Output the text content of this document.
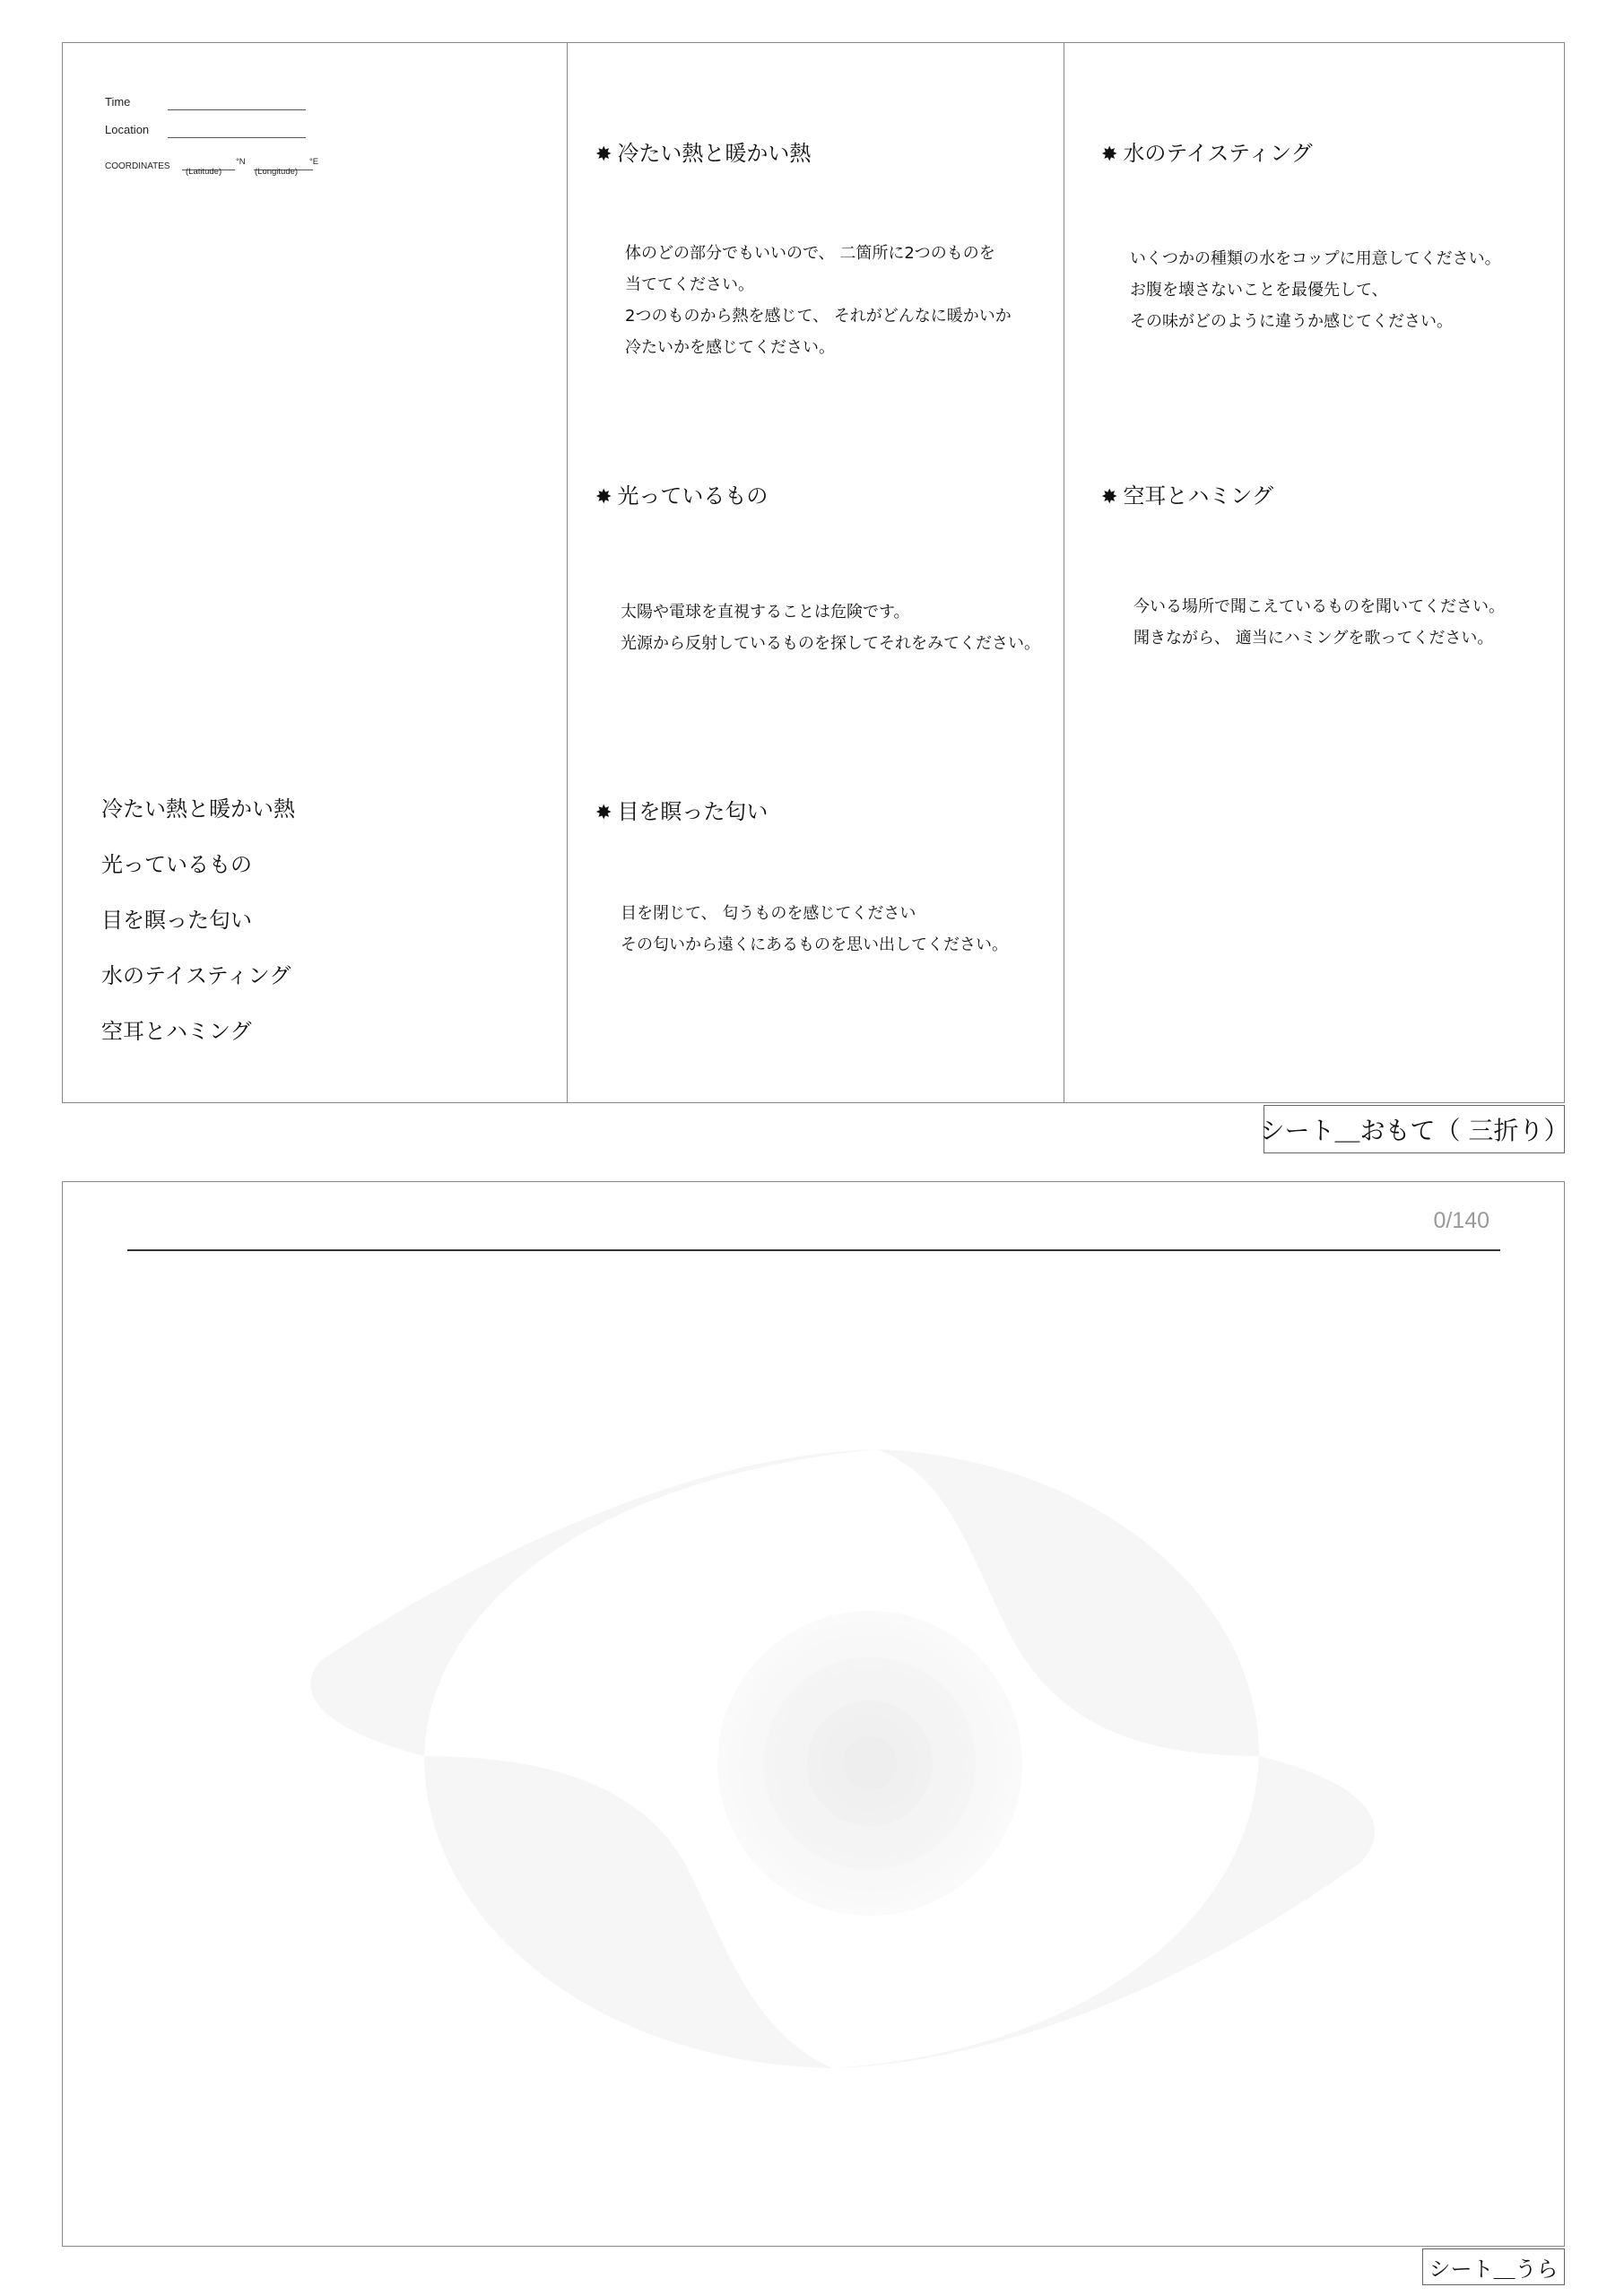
Time
Location
COORDINATES
(Latitude)
°N
(Longitude)
°E
冷たい熱と暖かい熱
光っているもの
目を瞑った匂い
水のテイスティング
空耳とハミング
✸ 冷たい熱と暖かい熱
体のどの部分でもいいので、 二箇所に2つのものを
当ててください。
2つのものから熱を感じて、 それがどんなに暖かいか
冷たいかを感じてください。
✸ 光っているもの
太陽や電球を直視することは危険です。
光源から反射しているものを探してそれをみてください。
✸ 目を瞑った匂い
目を閉じて、 匂うものを感じてください
その匂いから遠くにあるものを思い出してください。
✸ 水のテイスティング
いくつかの種類の水をコップに用意してください。
お腹を壊さないことを最優先して、
その味がどのように違うか感じてください。
✸ 空耳とハミング
今いる場所で聞こえているものを聞いてください。
聞きながら、 適当にハミングを歌ってください。
シート＿おもて（ 三折り）
0/140
シート＿うら
